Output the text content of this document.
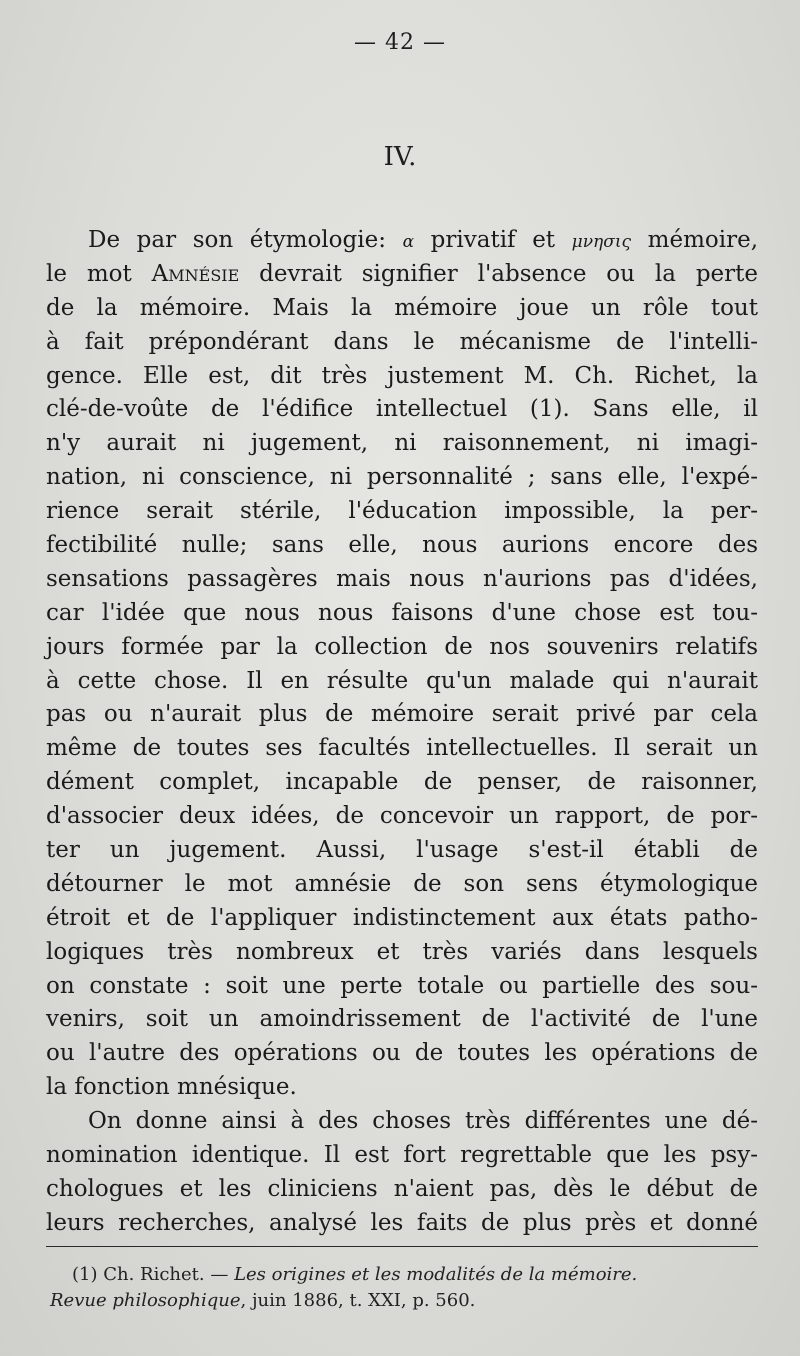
— 42 —
IV.
De par son étymologie: α privatif et μνησις mémoire,
le mot Amnésie devrait signifier l'absence ou la perte
de la mémoire. Mais la mémoire joue un rôle tout
à fait prépondérant dans le mécanisme de l'intelli-
gence. Elle est, dit très justement M. Ch. Richet, la
clé-de-voûte de l'édifice intellectuel (1). Sans elle, il
n'y aurait ni jugement, ni raisonnement, ni imagi-
nation, ni conscience, ni personnalité ; sans elle, l'expé-
rience serait stérile, l'éducation impossible, la per-
fectibilité nulle; sans elle, nous aurions encore des
sensations passagères mais nous n'aurions pas d'idées,
car l'idée que nous nous faisons d'une chose est tou-
jours formée par la collection de nos souvenirs relatifs
à cette chose. Il en résulte qu'un malade qui n'aurait
pas ou n'aurait plus de mémoire serait privé par cela
même de toutes ses facultés intellectuelles. Il serait un
dément complet, incapable de penser, de raisonner,
d'associer deux idées, de concevoir un rapport, de por-
ter un jugement. Aussi, l'usage s'est-il établi de
détourner le mot amnésie de son sens étymologique
étroit et de l'appliquer indistinctement aux états patho-
logiques très nombreux et très variés dans lesquels
on constate : soit une perte totale ou partielle des sou-
venirs, soit un amoindrissement de l'activité de l'une
ou l'autre des opérations ou de toutes les opérations de
la fonction mnésique.
On donne ainsi à des choses très différentes une dé-
nomination identique. Il est fort regrettable que les psy-
chologues et les cliniciens n'aient pas, dès le début de
leurs recherches, analysé les faits de plus près et donné
(1) Ch. Richet. — Les origines et les modalités de la mémoire.
Revue philosophique, juin 1886, t. XXI, p. 560.
